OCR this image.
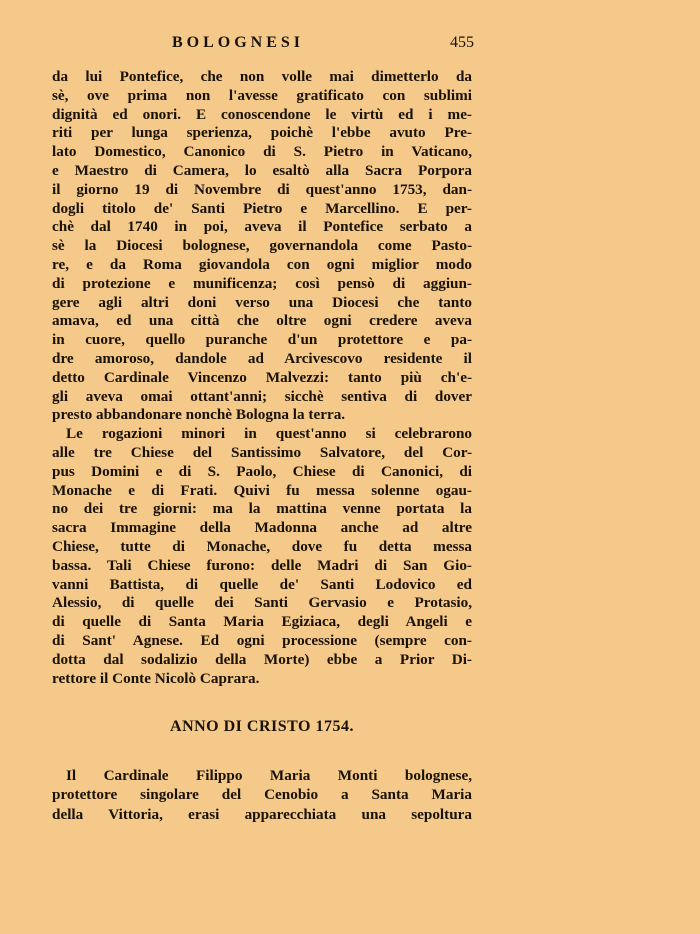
BOLOGNESI	455
da lui Pontefice, che non volle mai dimetterlo da
sè, ove prima non l'avesse gratificato con sublimi
dignità ed onori. E conoscendone le virtù ed i me-
riti per lunga sperienza, poichè l'ebbe avuto Pre-
lato Domestico, Canonico di S. Pietro in Vaticano,
e Maestro di Camera, lo esaltò alla Sacra Porpora
il giorno 19 di Novembre di quest'anno 1753, dan-
dogli titolo de' Santi Pietro e Marcellino. E per-
chè dal 1740 in poi, aveva il Pontefice serbato a
sè la Diocesi bolognese, governandola come Pasto-
re, e da Roma giovandola con ogni miglior modo
di protezione e munificenza; così pensò di aggiun-
gere agli altri doni verso una Diocesi che tanto
amava, ed una città che oltre ogni credere aveva
in cuore, quello puranche d'un protettore e pa-
dre amoroso, dandole ad Arcivescovo residente il
detto Cardinale Vincenzo Malvezzi: tanto più ch'e-
gli aveva omai ottant'anni; sicchè sentiva di dover
presto abbandonare nonchè Bologna la terra.
Le rogazioni minori in quest'anno si celebrarono
alle tre Chiese del Santissimo Salvatore, del Cor-
pus Domini e di S. Paolo, Chiese di Canonici, di
Monache e di Frati. Quivi fu messa solenne ogau-
no dei tre giorni: ma la mattina venne portata la
sacra Immagine della Madonna anche ad altre
Chiese, tutte di Monache, dove fu detta messa
bassa. Tali Chiese furono: delle Madri di San Gio-
vanni Battista, di quelle de' Santi Lodovico ed
Alessio, di quelle dei Santi Gervasio e Protasio,
di quelle di Santa Maria Egiziaca, degli Angeli e
di Sant' Agnese. Ed ogni processione (sempre con-
dotta dal sodalizio della Morte) ebbe a Prior Di-
rettore il Conte Nicolò Caprara.
ANNO DI CRISTO 1754.
Il Cardinale Filippo Maria Monti bolognese,
protettore singolare del Cenobio a Santa Maria
della Vittoria, erasi apparecchiata una sepoltura
